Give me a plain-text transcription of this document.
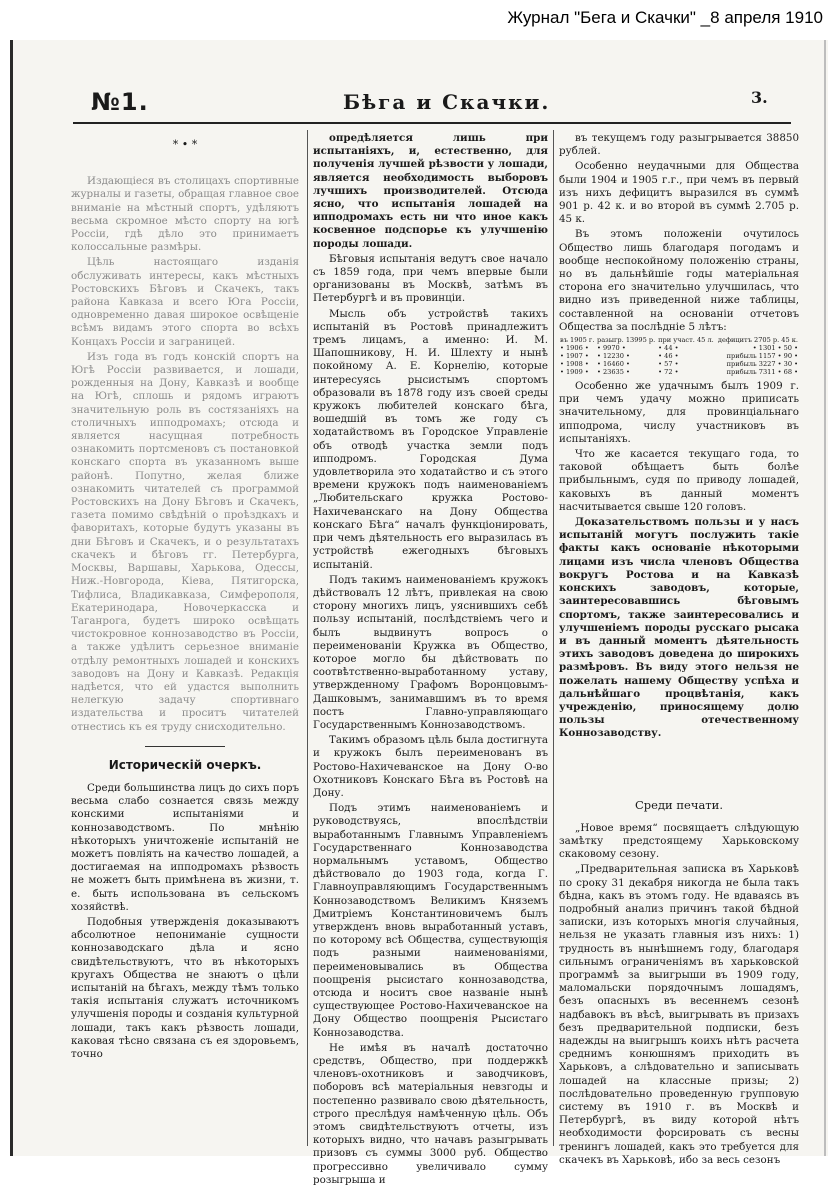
Журнал "Бега и Скачки" _8 апреля 1910
№1.	Бѣга и Скачки.	3.
* • *

Издающiеся въ столицахъ спортивные журналы и газеты, обращая главное свое вниманiе на мѣстный спортъ, удѣляютъ весьма скромное мѣсто спорту на югѣ Россiи, гдѣ дѣло это принимаетъ колоссальные размѣры.

Цѣль настоящаго изданiя обслуживать интересы, какъ мѣстныхъ Ростовскихъ Бѣговъ и Скачекъ, такъ района Кавказа и всего Юга Россiи, одновременно давая широкое освѣщенiе всѣмъ видамъ этого спорта во всѣхъ Концахъ Россiи и заграницей.

Изъ года въ годъ конскiй спортъ на Югѣ Россiи развивается, и лошади, рожденныя на Дону, Кавказѣ и вообще на Югѣ, сплошь и рядомъ играютъ значительную роль въ состязанiяхъ на столичныхъ ипподромахъ; отсюда и является насущная потребность ознакомить портсменовъ съ постановкой конскаго спорта въ указанномъ выше районѣ. Попутно, желая ближе ознакомить читателей съ программой Ростовскихъ на Дону Бѣговъ и Скачекъ, газета помимо свѣдѣнiй о проѣздкахъ и фаворитахъ, которые будутъ указаны въ дни Бѣговъ и Скачекъ, и о результатахъ скачекъ и бѣговъ гг. Петербурга, Москвы, Варшавы, Харькова, Одессы, Ниж.-Новгорода, Кiева, Пятигорска, Тифлиса, Владикавказа, Симферополя, Екатеринодара, Новочеркасска и Таганрога, будетъ широко освѣщать чистокровное коннозаводство въ Россiи, а также удѣлитъ серьезное вниманiе отдѣлу ремонтныхъ лошадей и конскихъ заводовъ на Дону и Кавказѣ. Редакцiя надѣется, что ей удастся выполнить нелегкую задачу спортивнаго издательства и проситъ читателей отнестись къ ея труду снисходительно.

Историческiй очеркъ.

Среди большинства лицъ до сихъ поръ весьма слабо сознается связь между конскими испытанiями и коннозаводствомъ. По мнѣнiю нѣкоторыхъ уничтоженiе испытанiй не можетъ повлiять на качество лошадей, а достигаемая на ипподромахъ рѣзвость не можетъ быть примѣнена въ жизни, т. е. быть использована въ сельскомъ хозяйствѣ.

Подобныя утвержденiя доказываютъ абсолютное непониманiе сущности коннозаводскаго дѣла и ясно свидѣтельствуютъ, что въ нѣкоторыхъ кругахъ Общества не знаютъ о цѣли испытанiй на бѣгахъ, между тѣмъ только такiя испытанiя служатъ источникомъ улучшенiя породы и созданiя культурной лошади, такъ какъ рѣзвость лошади, каковая тѣсно связана съ ея здоровьемъ, точно

опредѣляется лишь при испытанiяхъ, и, естественно, для полученiя лучшей рѣзвости у лошади, является необходимость выборовъ лучшихъ производителей. Отсюда ясно, что испытанiя лошадей на ипподромахъ есть ни что иное какъ косвенное подспорье къ улучшенiю породы лошади.

Бѣговыя испытанiя ведутъ свое начало съ 1859 года, при чемъ впервые были организованы въ Москвѣ, затѣмъ въ Петербургѣ и въ провинцiи.

Мысль объ устройствѣ такихъ испытанiй въ Ростовѣ принадлежитъ тремъ лицамъ, а именно: И. М. Шапошникову, Н. И. Шлехту и нынѣ покойному А. Е. Корнелiю, которые интересуясь рысистымъ спортомъ образовали въ 1878 году изъ своей среды кружокъ любителей конскаго бѣга, вошедшiй въ томъ же году съ ходатайствомъ въ Городское Управленiе объ отводѣ участка земли подъ ипподромъ. Городская Дума удовлетворила это ходатайство и съ этого времени кружокъ подъ наименованiемъ „Любительскаго кружка Ростово-Нахичеванскаго на Дону Общества конскаго Бѣга“ началъ функцiонировать, при чемъ дѣятельность его выразилась въ устройствѣ ежегодныхъ бѣговыхъ испытанiй.

Подъ такимъ наименованiемъ кружокъ дѣйствовалъ 12 лѣтъ, привлекая на свою сторону многихъ лицъ, уяснившихъ себѣ пользу испытанiй, послѣдствiемъ чего и былъ выдвинутъ вопросъ о переименованiи Кружка въ Общество, которое могло бы дѣйствовать по соотвѣтственно-выработанному уставу, утвержденному Графомъ Воронцовымъ-Дашковымъ, занимавшимъ въ то время постъ Главно-управляющаго Государственнымъ Коннозаводствомъ.

Такимъ образомъ цѣль была достигнута и кружокъ былъ переименованъ въ Ростово-Нахичеванское на Дону О-во Охотниковъ Конскаго Бѣга въ Ростовѣ на Дону.

Подъ этимъ наименованiемъ и руководствуясь, впослѣдствiи выработаннымъ Главнымъ Управленiемъ Государственнаго Коннозаводства нормальнымъ уставомъ, Общество дѣйствовало до 1903 года, когда Г. Главноуправляющимъ Государственнымъ Коннозаводствомъ Великимъ Княземъ Дмитрiемъ Константиновичемъ былъ утвержденъ вновь выработанный уставъ, по которому всѣ Общества, существующiя подъ разными наименованiями, переименовывались въ Общества поощренiя рысистаго коннозаводства, отсюда и носитъ свое названiе нынѣ существующее Ростово-Нахичеванское на Дону Общество поощренiя Рысистаго Коннозаводства.

Не имѣя въ началѣ достаточно средствъ, Общество, при поддержкѣ членовъ-охотниковъ и заводчиковъ, поборовъ всѣ матерiальныя невзгоды и постепенно развивало свою дѣятельность, строго преслѣдуя намѣченную цѣль. Объ этомъ свидѣтельствуютъ отчеты, изъ которыхъ видно, что начавъ разыгрывать призовъ съ суммы 3000 руб. Общество прогрессивно увеличивало сумму розыгрыша и

въ текущемъ году разыгрывается 38850 рублей.

Особенно неудачными для Общества были 1904 и 1905 г.г., при чемъ въ первый изъ нихъ дефицитъ выразился въ суммѣ 901 р. 42 к. и во второй въ суммѣ 2.705 р. 45 к.

Въ этомъ положенiи очутилось Общество лишь благодаря погодамъ и вообще неспокойному положенiю страны, но въ дальнѣйшiе годы матерiальная сторона его значительно улучшилась, что видно изъ приведенной ниже таблицы, составленной на основанiи отчетовъ Общества за послѣднiе 5 лѣтъ:

въ 1905 г.	разыгр. 13995 р.	при участ. 45 л.	дефицитъ 2705 р. 45 к.
• 1906 •	• 9970 •	• 44 •	• 1301 • 50 •
• 1907 •	• 12230 •	• 46 •	прибыль 1157 • 90 •
• 1908 •	• 16460 •	• 57 •	прибыль 3227 • 30 •
• 1909 •	• 23635 •	• 72 •	прибыль 7311 • 68 •

Особенно же удачнымъ былъ 1909 г. при чемъ удачу можно приписать значительному, для провинцiальнаго ипподрома, числу участниковъ въ испытанiяхъ.

Что же касается текущаго года, то таковой обѣщаетъ быть болѣе прибыльнымъ, судя по приводу лошадей, каковыхъ въ данный моментъ насчитывается свыше 120 головъ.

Доказательствомъ пользы и у насъ испытанiй могутъ послужить такiе факты какъ основанiе нѣкоторыми лицами изъ числа членовъ Общества вокругъ Ростова и на Кавказѣ конскихъ заводовъ, которые, заинтересовавшись бѣговымъ спортомъ, также заинтересовались и улучшенiемъ породы русскаго рысака и въ данный моментъ дѣятельность этихъ заводовъ доведена до широкихъ размѣровъ. Въ виду этого нельзя не пожелать нашему Обществу успѣха и дальнѣйшаго процвѣтанiя, какъ учрежденiю, приносящему долю пользы отечественному Коннозаводству.

Среди печати.

„Новое время“ посвящаетъ слѣдующую замѣтку предстоящему Харьковскому скаковому сезону.

„Предварительная записка въ Харьковѣ по сроку 31 декабря никогда не была такъ бѣдна, какъ въ этомъ году. Не вдаваясь въ подробный анализ причинъ такой бѣдной записки, изъ которыхъ многiя случайныя, нельзя не указать главныя изъ нихъ: 1) трудность въ нынѣшнемъ году, благодаря сильнымъ ограниченiямъ въ харьковской программѣ за выигрыши въ 1909 году, маломальски порядочнымъ лошадямъ, безъ опасныхъ въ весеннемъ сезонѣ надбавокъ въ вѣсѣ, выигрывать въ призахъ безъ предварительной подписки, безъ надежды на выигрышъ коихъ нѣтъ расчета среднимъ конюшнямъ приходить въ Харьковъ, а слѣдовательно и записывать лошадей на классные призы; 2) послѣдовательно проведенную групповую систему въ 1910 г. въ Москвѣ и Петербургѣ, въ виду которой нѣтъ необходимости форсировать съ весны тренингъ лошадей, какъ это требуется для скачекъ въ Харьковѣ, ибо за весь сезонъ
